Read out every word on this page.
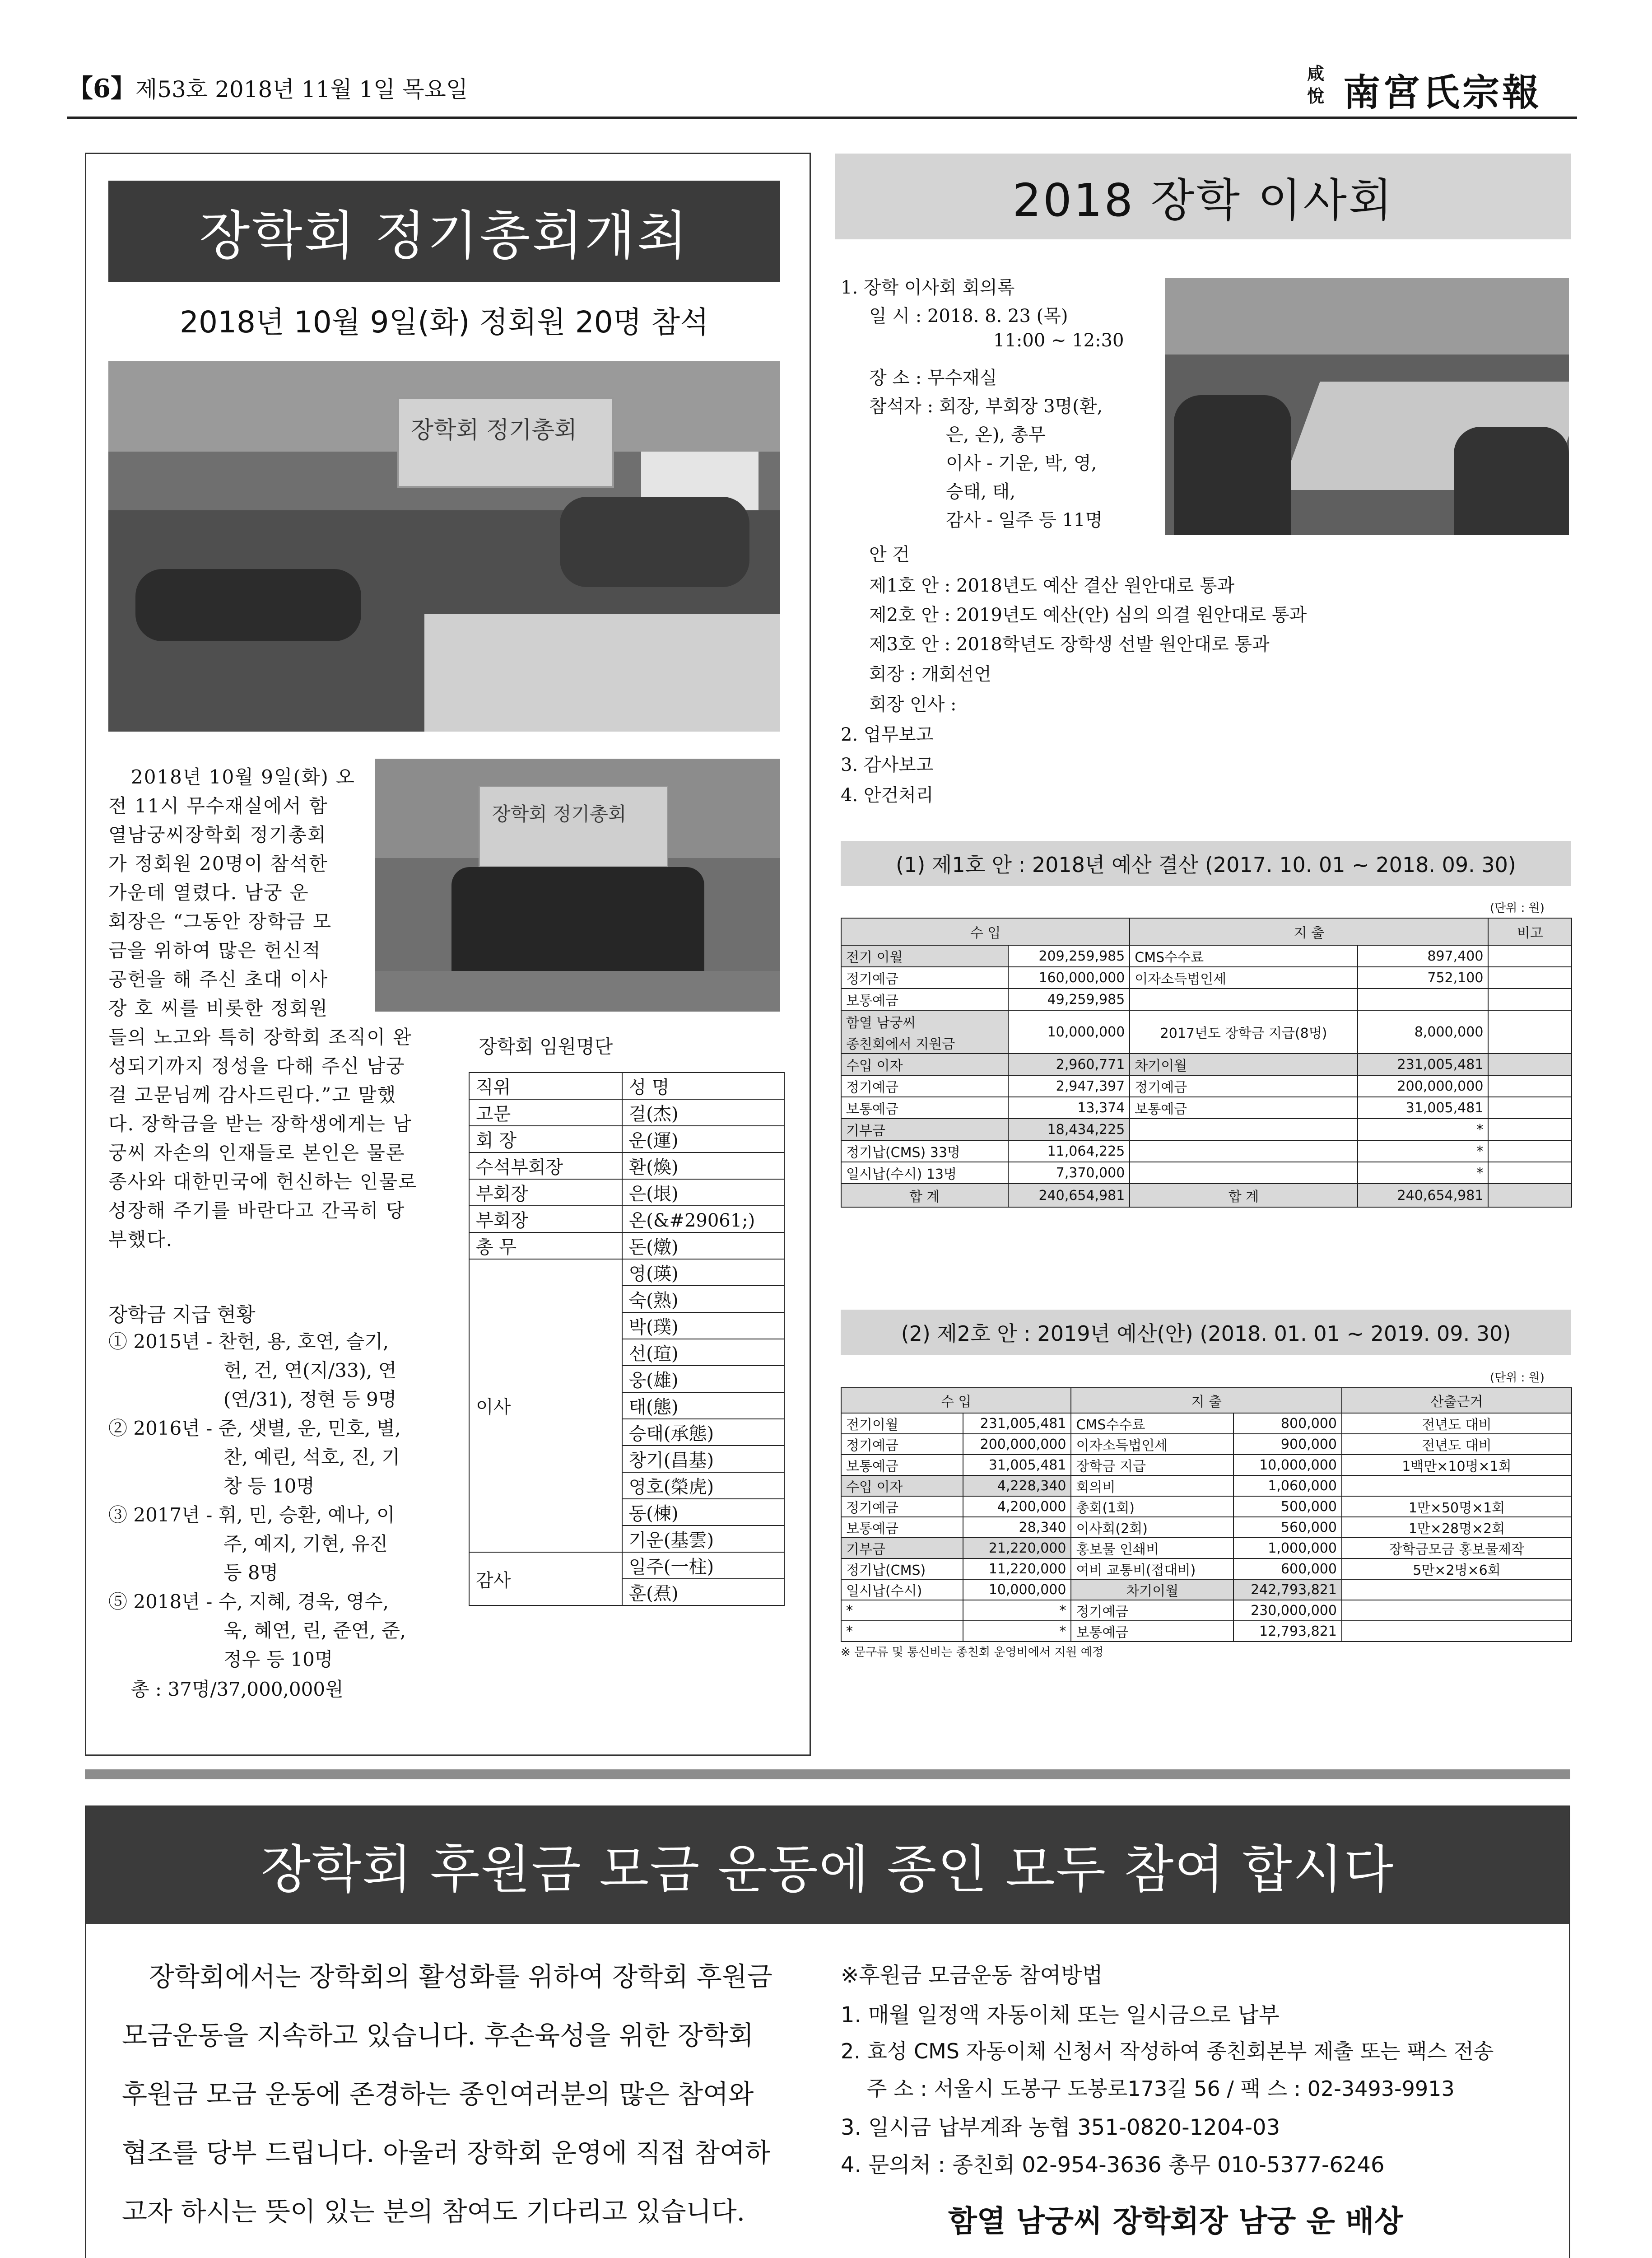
【6】 제53호 2018년 11월 1일 목요일
咸
悅 南宮氏宗報
장학회 정기총회개최
2018년 10월 9일(화) 정회원 20명 참석
장학회 정기총회
장학회 정기총회
2018년 10월 9일(화) 오
전 11시 무수재실에서 함
열남궁씨장학회 정기총회
가 정회원 20명이 참석한
가운데 열렸다. 남궁 운
회장은 “그동안 장학금 모
금을 위하여 많은 헌신적
공헌을 해 주신 초대 이사
장 호 씨를 비롯한 정회원
들의 노고와 특히 장학회 조직이 완
성되기까지 정성을 다해 주신 남궁
걸 고문님께 감사드린다.”고 말했
다. 장학금을 받는 장학생에게는 남
궁씨 자손의 인재들로 본인은 물론
종사와 대한민국에 헌신하는 인물로
성장해 주기를 바란다고 간곡히 당
부했다.
장학금 지급 현황
① 2015년 - 찬헌, 용, 호연, 슬기,
헌, 건, 연(지/33), 연
(연/31), 정현 등 9명
② 2016년 - 준, 샛별, 운, 민호, 별,
찬, 예린, 석호, 진, 기
창 등 10명
③ 2017년 - 휘, 민, 승환, 예나, 이
주, 예지, 기현, 유진
등 8명
⑤ 2018년 - 수, 지혜, 경욱, 영수,
욱, 혜연, 린, 준연, 준,
정우 등 10명
총 : 37명/37,000,000원
장학회 임원명단
직위	성 명
고문	걸(杰)
회 장	운(運)
수석부회장	환(煥)
부회장	은(垠)
부회장	온(&#29061;)
총 무	돈(燉)
이사	영(瑛)
	숙(熟)
	박(璞)
	선(瑄)
	웅(雄)
	태(態)
	승태(承態)
	창기(昌基)
	영호(榮虎)
	동(棟)
	기운(基雲)
감사	일주(一柱)
	훈(焄)
2018 장학 이사회
1. 장학 이사회 회의록
일 시 : 2018. 8. 23 (목)
11:00 ~ 12:30
장 소 : 무수재실
참석자 : 회장, 부회장 3명(환,
은, 온), 총무
이사 - 기운, 박, 영,
승태, 태,
감사 - 일주 등 11명
안 건
제1호 안 : 2018년도 예산 결산 원안대로 통과
제2호 안 : 2019년도 예산(안) 심의 의결 원안대로 통과
제3호 안 : 2018학년도 장학생 선발 원안대로 통과
회장 : 개회선언
회장 인사 :
2. 업무보고
3. 감사보고
4. 안건처리
(1) 제1호 안 : 2018년 예산 결산 (2017. 10. 01 ~ 2018. 09. 30)
(단위 : 원)
수 입		지 출		비고
전기 이월	209,259,985	CMS수수료	897,400	
정기예금	160,000,000	이자소득법인세	752,100	
보통예금	49,259,985			
함열 남궁씨	10,000,000	2017년도 장학금 지급(8명)	8,000,000	
종친회에서 지원금				
수입 이자	2,960,771	차기이월	231,005,481	
정기예금	2,947,397	정기예금	200,000,000	
보통예금	13,374	보통예금	31,005,481	
기부금	18,434,225		*	
정기납(CMS) 33명	11,064,225		*	
일시납(수시) 13명	7,370,000		*	
합 계	240,654,981	합 계	240,654,981	
(2) 제2호 안 : 2019년 예산(안) (2018. 01. 01 ~ 2019. 09. 30)
(단위 : 원)
수 입		지 출		산출근거
전기이월	231,005,481	CMS수수료	800,000	전년도 대비
정기예금	200,000,000	이자소득법인세	900,000	전년도 대비
보통예금	31,005,481	장학금 지급	10,000,000	1백만×10명×1회
수입 이자	4,228,340	회의비	1,060,000	
정기예금	4,200,000	총회(1회)	500,000	1만×50명×1회
보통예금	28,340	이사회(2회)	560,000	1만×28명×2회
기부금	21,220,000	홍보물 인쇄비	1,000,000	장학금모금 홍보물제작
정기납(CMS)	11,220,000	여비 교통비(접대비)	600,000	5만×2명×6회
일시납(수시)	10,000,000	차기이월	242,793,821	
*	*	정기예금	230,000,000	
*	*	보통예금	12,793,821	
※ 문구류 및 통신비는 종친회 운영비에서 지원 예정
장학회 후원금 모금 운동에 종인 모두 참여 합시다
장학회에서는 장학회의 활성화를 위하여 장학회 후원금
모금운동을 지속하고 있습니다. 후손육성을 위한 장학회
후원금 모금 운동에 존경하는 종인여러분의 많은 참여와
협조를 당부 드립니다. 아울러 장학회 운영에 직접 참여하
고자 하시는 뜻이 있는 분의 참여도 기다리고 있습니다.
※후원금 모금운동 참여방법
1. 매월 일정액 자동이체 또는 일시금으로 납부
2. 효성 CMS 자동이체 신청서 작성하여 종친회본부 제출 또는 팩스 전송
주 소 : 서울시 도봉구 도봉로173길 56 / 팩 스 : 02-3493-9913
3. 일시금 납부계좌 농협 351-0820-1204-03
4. 문의처 : 종친회 02-954-3636 총무 010-5377-6246
함열 남궁씨 장학회장 남궁 운 배상
